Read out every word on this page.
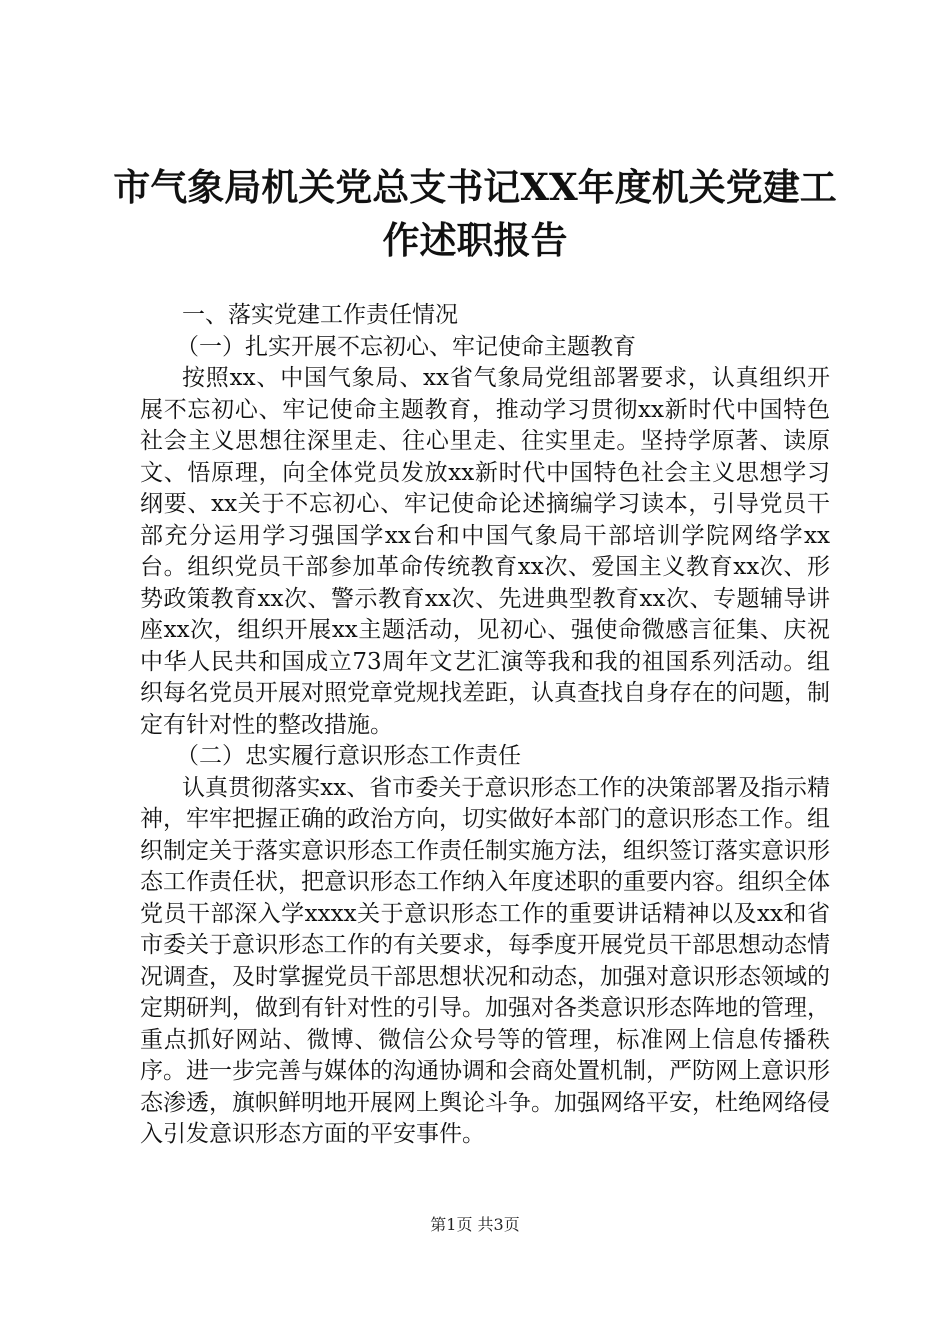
市气象局机关党总支书记XX年度机关党建工
作述职报告

一、落实党建工作责任情况

（一）扎实开展不忘初心、牢记使命主题教育

按照xx、中国气象局、xx省气象局党组部署要求，认真组织开展不忘初心、牢记使命主题教育，推动学习贯彻xx新时代中国特色社会主义思想往深里走、往心里走、往实里走。坚持学原著、读原文、悟原理，向全体党员发放xx新时代中国特色社会主义思想学习纲要、xx关于不忘初心、牢记使命论述摘编学习读本，引导党员干部充分运用学习强国学xx台和中国气象局干部培训学院网络学xx台。组织党员干部参加革命传统教育xx次、爱国主义教育xx次、形势政策教育xx次、警示教育xx次、先进典型教育xx次、专题辅导讲座xx次，组织开展xx主题活动，见初心、强使命微感言征集、庆祝中华人民共和国成立73周年文艺汇演等我和我的祖国系列活动。组织每名党员开展对照党章党规找差距，认真查找自身存在的问题，制定有针对性的整改措施。

（二）忠实履行意识形态工作责任

认真贯彻落实xx、省市委关于意识形态工作的决策部署及指示精神，牢牢把握正确的政治方向，切实做好本部门的意识形态工作。组织制定关于落实意识形态工作责任制实施方法，组织签订落实意识形态工作责任状，把意识形态工作纳入年度述职的重要内容。组织全体党员干部深入学xxxx关于意识形态工作的重要讲话精神以及xx和省市委关于意识形态工作的有关要求，每季度开展党员干部思想动态情况调查，及时掌握党员干部思想状况和动态，加强对意识形态领域的定期研判，做到有针对性的引导。加强对各类意识形态阵地的管理，重点抓好网站、微博、微信公众号等的管理，标准网上信息传播秩序。进一步完善与媒体的沟通协调和会商处置机制，严防网上意识形态渗透，旗帜鲜明地开展网上舆论斗争。加强网络平安，杜绝网络侵入引发意识形态方面的平安事件。

第1页 共3页
